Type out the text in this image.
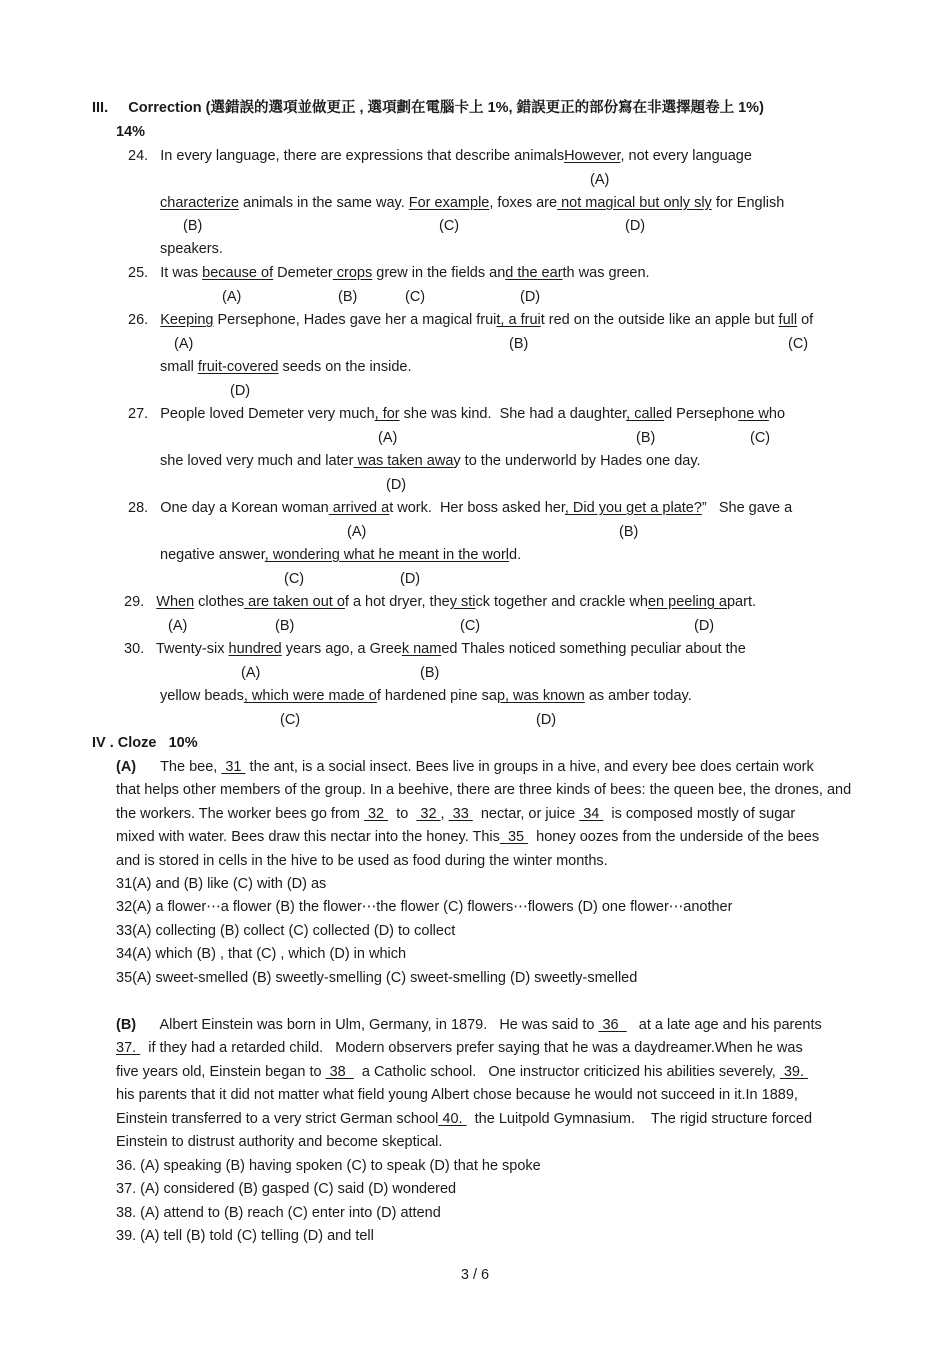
III. Correction (選錯誤的選項並做更正 , 選項劃在電腦卡上 1%, 錯誤更正的部份寫在非選擇題卷上 1%)
14%
24. In every language, there are expressions that describe animalsHowever, not every language
(A)
characterize animals in the same way. For example, foxes are not magical but only sly for English
(B)	(C)	(D)
speakers.
25. It was because of Demeter crops grew in the fields and the earth was green.
(A)	(B)	(C)	(D)
26. Keeping Persephone, Hades gave her a magical fruit, a fruit red on the outside like an apple but full of
(A)	(B)	(C)
small fruit-covered seeds on the inside.
(D)
27. People loved Demeter very much, for she was kind.  She had a daughter, called Persephone who
(A)	(B)	(C)
she loved very much and later was taken away to the underworld by Hades one day.
(D)
28. One day a Korean woman arrived at work.  Her boss asked her, Did you get a plate?”   She gave a
(A)	(B)
negative answer, wondering what he meant in the world.
(C)	(D)
29. When clothes are taken out of a hot dryer, they stick together and crackle when peeling apart.
(A)	(B)	(C)	(D)
30. Twenty-six hundred years ago, a Greek named Thales noticed something peculiar about the
(A)	(B)
yellow beads, which were made of hardened pine sap, was known as amber today.
(C)	(D)
IV . Cloze 10%
(A) The bee,  31  the ant, is a social insect. Bees live in groups in a hive, and every bee does certain work
that helps other members of the group. In a beehive, there are three kinds of bees: the queen bee, the drones, and
the workers. The worker bees go from  32   to   32 ,  33   nectar, or juice  34   is composed mostly of sugar
mixed with water. Bees draw this nectar into the honey. This  35   honey oozes from the underside of the bees
and is stored in cells in the hive to be used as food during the winter months.
31(A) and (B) like (C) with (D) as
32(A) a flower⋯a flower (B) the flower⋯the flower (C) flowers⋯flowers (D) one flower⋯another
33(A) collecting (B) collect (C) collected (D) to collect
34(A) which (B) , that (C) , which (D) in which
35(A) sweet-smelled (B) sweetly-smelling (C) sweet-smelling (D) sweetly-smelled
(B) Albert Einstein was born in Ulm, Germany, in 1879.   He was said to  36     at a late age and his parents
37.   if they had a retarded child.   Modern observers prefer saying that he was a daydreamer.When he was
five years old, Einstein began to  38    a Catholic school.   One instructor criticized his abilities severely,  39.
his parents that it did not matter what field young Albert chose because he would not succeed in it.In 1889,
Einstein transferred to a very strict German school 40.   the Luitpold Gymnasium.    The rigid structure forced
Einstein to distrust authority and become skeptical.
36. (A) speaking (B) having spoken (C) to speak (D) that he spoke
37. (A) considered (B) gasped (C) said (D) wondered
38. (A) attend to (B) reach (C) enter into (D) attend
39. (A) tell (B) told (C) telling (D) and tell
3 / 6
